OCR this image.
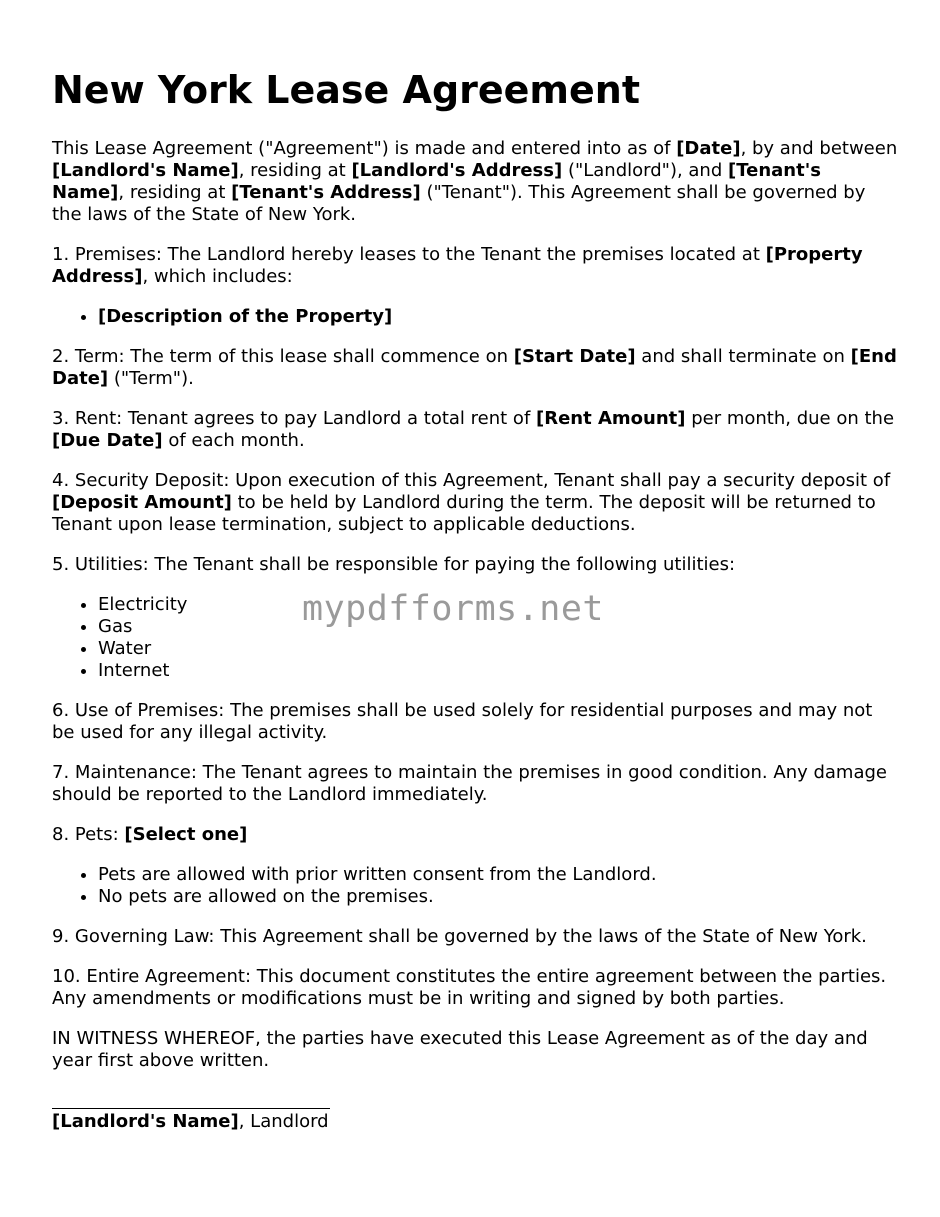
New York Lease Agreement

This Lease Agreement ("Agreement") is made and entered into as of [Date], by and between [Landlord's Name], residing at [Landlord's Address] ("Landlord"), and [Tenant's Name], residing at [Tenant's Address] ("Tenant"). This Agreement shall be governed by the laws of the State of New York.

1. Premises: The Landlord hereby leases to the Tenant the premises located at [Property Address], which includes:

• [Description of the Property]

2. Term: The term of this lease shall commence on [Start Date] and shall terminate on [End Date] ("Term").

3. Rent: Tenant agrees to pay Landlord a total rent of [Rent Amount] per month, due on the [Due Date] of each month.

4. Security Deposit: Upon execution of this Agreement, Tenant shall pay a security deposit of [Deposit Amount] to be held by Landlord during the term. The deposit will be returned to Tenant upon lease termination, subject to applicable deductions.

5. Utilities: The Tenant shall be responsible for paying the following utilities:

• Electricity
• Gas
• Water
• Internet

6. Use of Premises: The premises shall be used solely for residential purposes and may not be used for any illegal activity.

7. Maintenance: The Tenant agrees to maintain the premises in good condition. Any damage should be reported to the Landlord immediately.

8. Pets: [Select one]

• Pets are allowed with prior written consent from the Landlord.
• No pets are allowed on the premises.

9. Governing Law: This Agreement shall be governed by the laws of the State of New York.

10. Entire Agreement: This document constitutes the entire agreement between the parties. Any amendments or modifications must be in writing and signed by both parties.

IN WITNESS WHEREOF, the parties have executed this Lease Agreement as of the day and year first above written.

[Landlord's Name], Landlord
mypdfforms.net
